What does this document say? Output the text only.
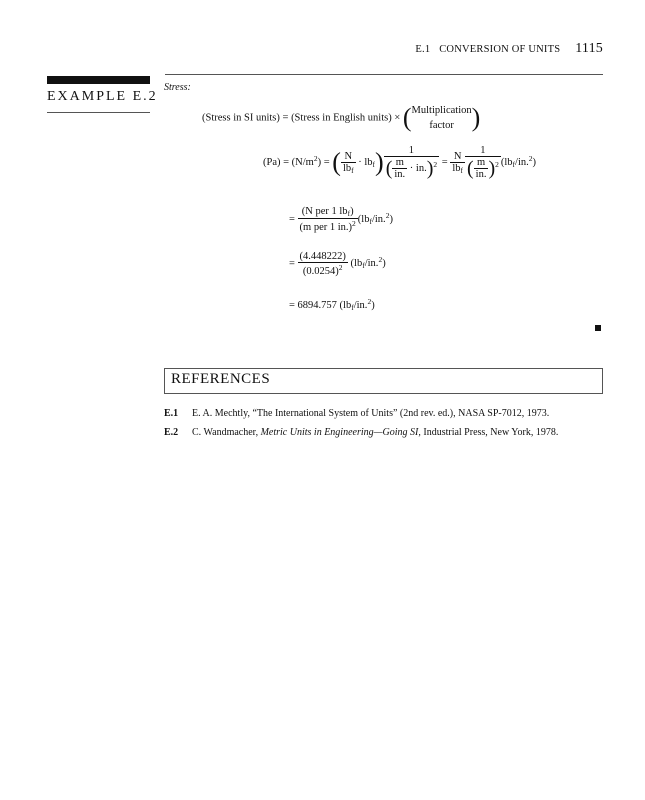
E.1 CONVERSION OF UNITS 1115
EXAMPLE E.2
Stress:
(Stress in SI units) = (Stress in English units) × ( Multiplication
factor )
$(Pa) = (N/m^2)$ = ( $\frac{N}{lb_f} \cdot lb_f) \frac{1}{( \frac{m}{in.} \cdot in.)^2} = \frac{N}{lb_f} \frac{1}{( \frac{m}{in.} )^2} (lb_f/in.^2)$
= $\frac{(N per 1 lb_f)}{(m per 1 in.)^2} (lb_f/in.^2)$
= $\frac{(4.448222)}{(0.0254)^2} (lb_f/in.^2)$
= 6894.757 $(lb_f/in.^2)$
REFERENCES
E.1 E. A. Mechtly, “The International System of Units” (2nd rev. ed.), NASA SP-7012, 1973.
E.2 C. Wandmacher, Metric Units in Engineering—Going SI, Industrial Press, New York, 1978.
